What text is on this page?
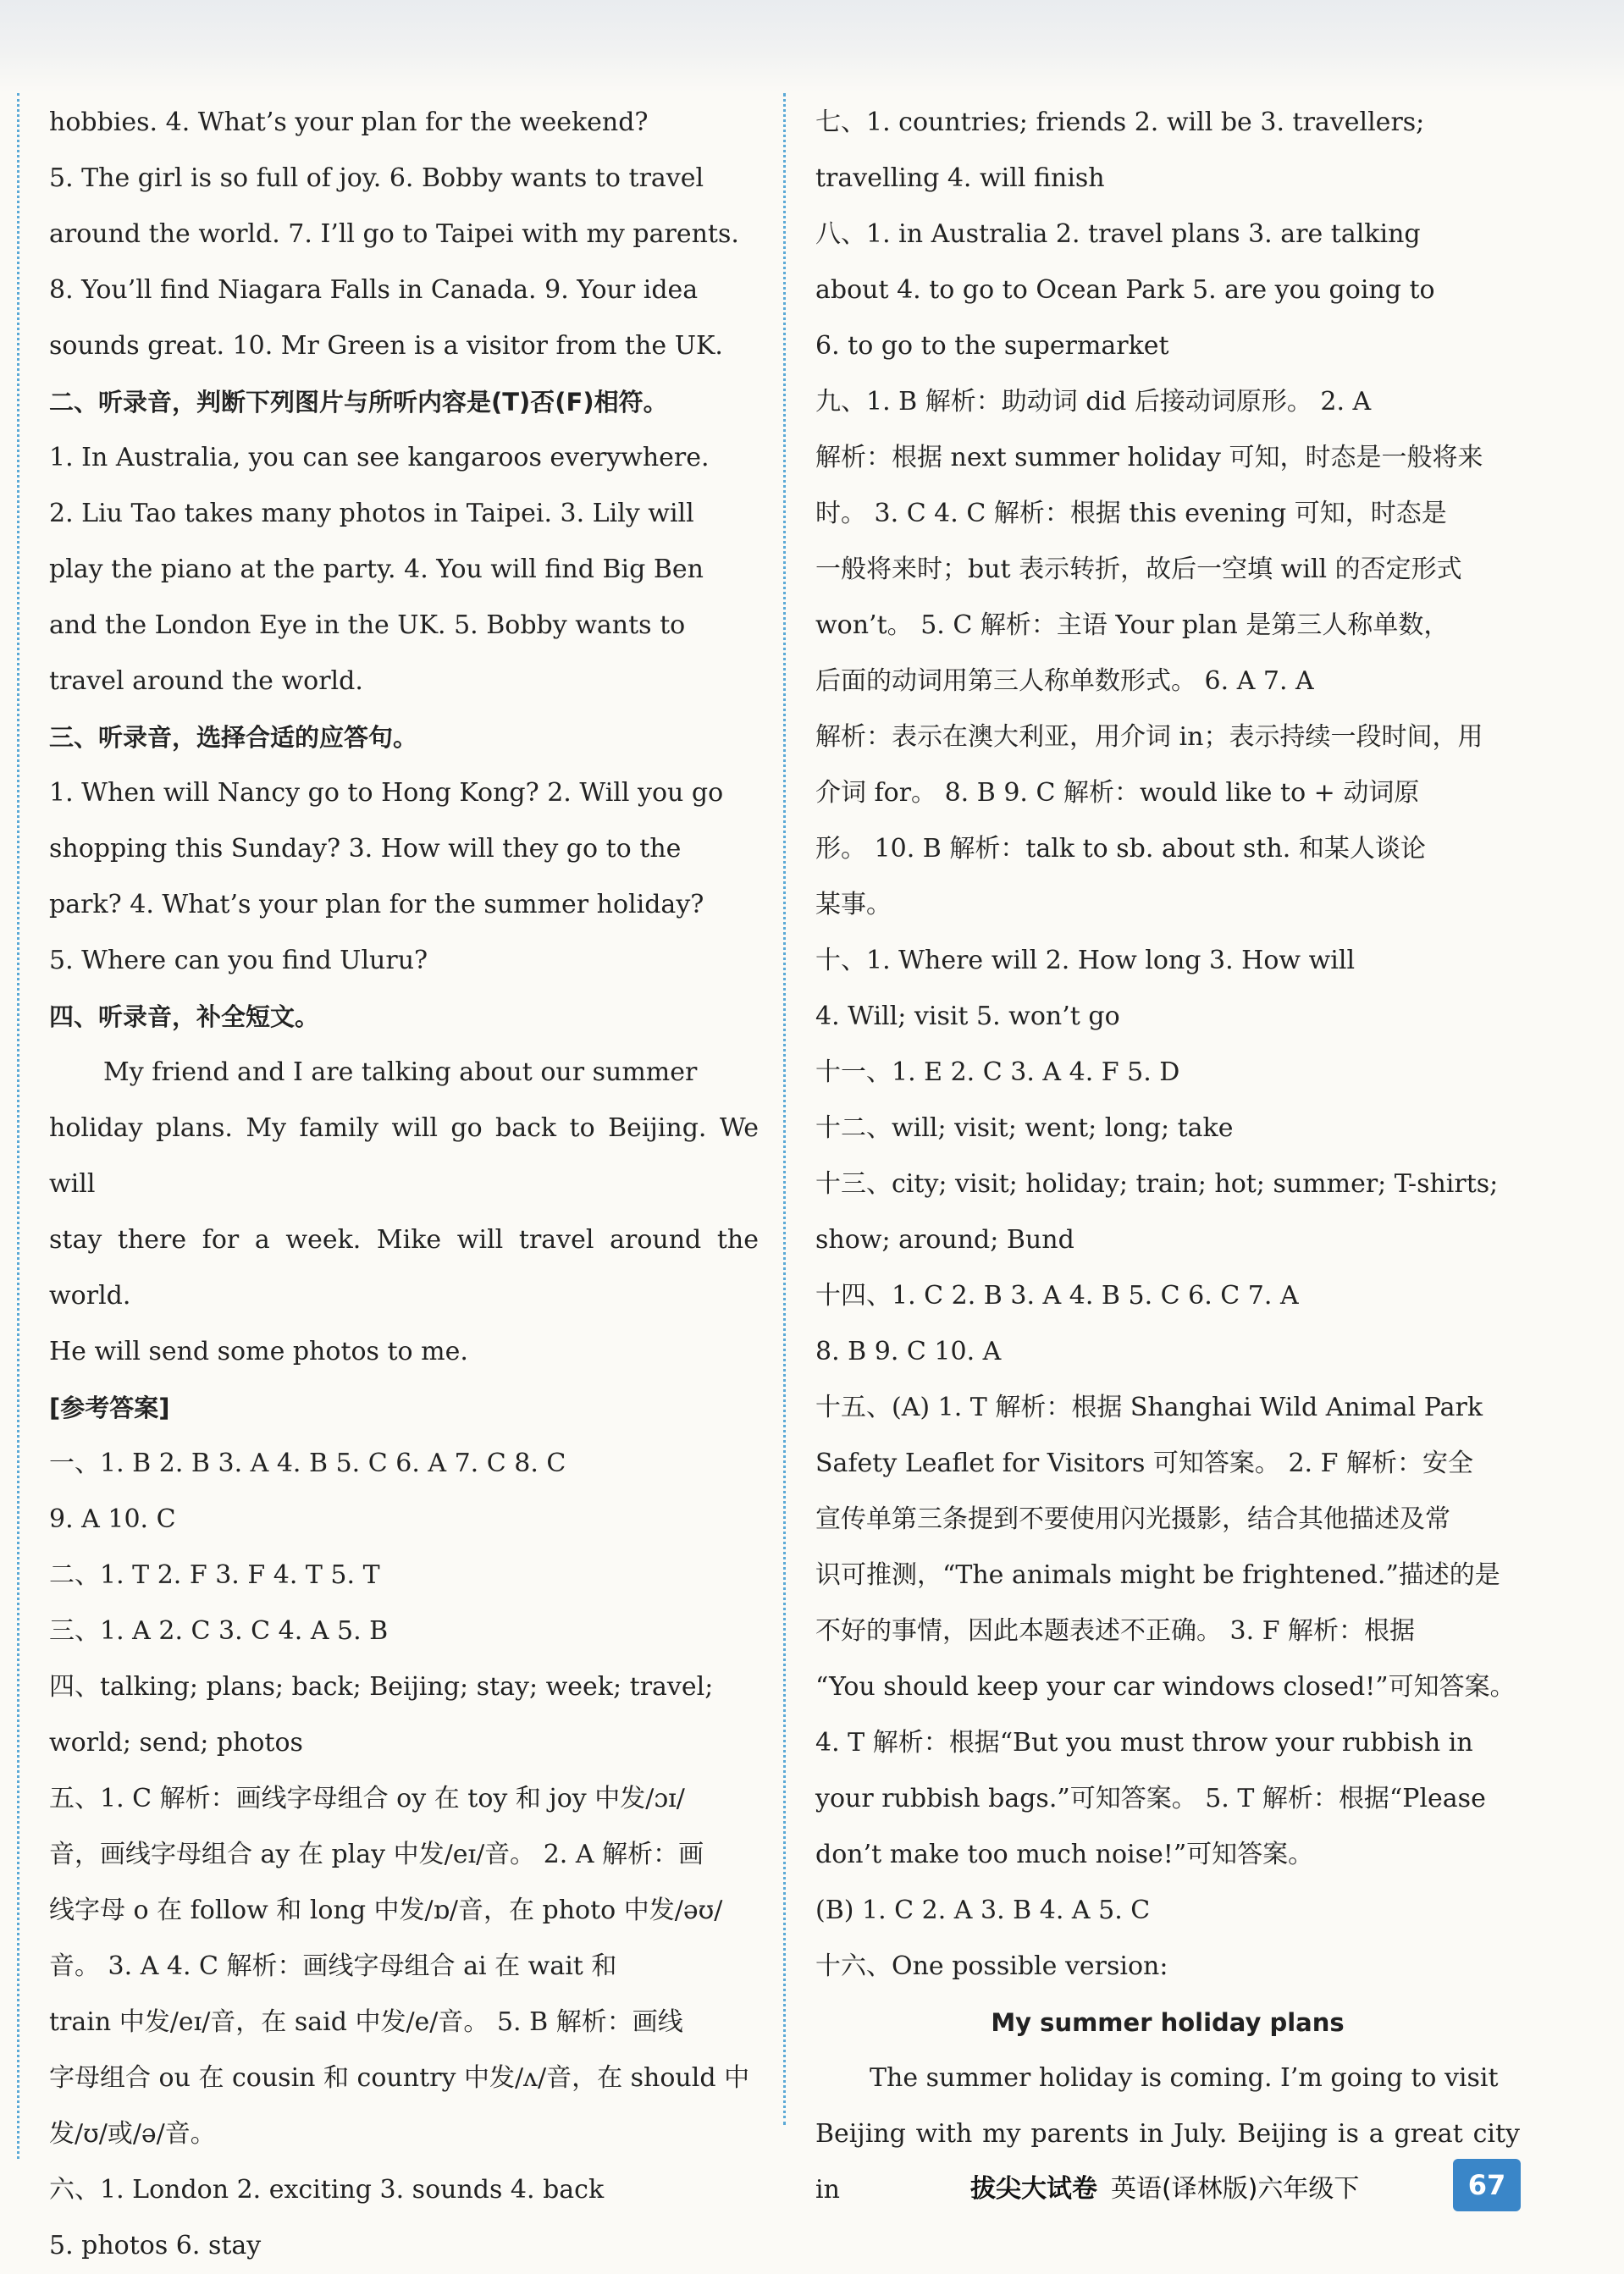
hobbies. 4. What’s your plan for the weekend?

5. The girl is so full of joy. 6. Bobby wants to travel

around the world. 7. I’ll go to Taipei with my parents.

8. You’ll find Niagara Falls in Canada. 9. Your idea

sounds great. 10. Mr Green is a visitor from the UK.

二、听录音，判断下列图片与所听内容是(T)否(F)相符。

1. In Australia, you can see kangaroos everywhere.

2. Liu Tao takes many photos in Taipei. 3. Lily will

play the piano at the party. 4. You will find Big Ben

and the London Eye in the UK. 5. Bobby wants to

travel around the world.

三、听录音，选择合适的应答句。

1. When will Nancy go to Hong Kong? 2. Will you go

shopping this Sunday? 3. How will they go to the

park? 4. What’s your plan for the summer holiday?

5. Where can you find Uluru?

四、听录音，补全短文。

My friend and I are talking about our summer

holiday plans. My family will go back to Beijing. We will

stay there for a week. Mike will travel around the world.

He will send some photos to me.

[参考答案]

一、1. B 2. B 3. A 4. B 5. C 6. A 7. C 8. C

9. A 10. C

二、1. T 2. F 3. F 4. T 5. T

三、1. A 2. C 3. C 4. A 5. B

四、talking; plans; back; Beijing; stay; week; travel;

world; send; photos

五、1. C 解析：画线字母组合 oy 在 toy 和 joy 中发/ɔɪ/

音，画线字母组合 ay 在 play 中发/eɪ/音。 2. A 解析：画

线字母 o 在 follow 和 long 中发/ɒ/音，在 photo 中发/əʊ/

音。 3. A 4. C 解析：画线字母组合 ai 在 wait 和

train 中发/eɪ/音，在 said 中发/e/音。 5. B 解析：画线

字母组合 ou 在 cousin 和 country 中发/ʌ/音，在 should 中

发/ʊ/或/ə/音。

六、1. London 2. exciting 3. sounds 4. back

5. photos 6. stay

七、1. countries; friends 2. will be 3. travellers;

travelling 4. will finish

八、1. in Australia 2. travel plans 3. are talking

about 4. to go to Ocean Park 5. are you going to

6. to go to the supermarket

九、1. B 解析：助动词 did 后接动词原形。 2. A

解析：根据 next summer holiday 可知，时态是一般将来

时。 3. C 4. C 解析：根据 this evening 可知，时态是

一般将来时；but 表示转折，故后一空填 will 的否定形式

won’t。 5. C 解析：主语 Your plan 是第三人称单数，

后面的动词用第三人称单数形式。 6. A 7. A

解析：表示在澳大利亚，用介词 in；表示持续一段时间，用

介词 for。 8. B 9. C 解析：would like to + 动词原

形。 10. B 解析：talk to sb. about sth. 和某人谈论

某事。

十、1. Where will 2. How long 3. How will

4. Will; visit 5. won’t go

十一、1. E 2. C 3. A 4. F 5. D

十二、will; visit; went; long; take

十三、city; visit; holiday; train; hot; summer; T-shirts;

show; around; Bund

十四、1. C 2. B 3. A 4. B 5. C 6. C 7. A

8. B 9. C 10. A

十五、(A) 1. T 解析：根据 Shanghai Wild Animal Park

Safety Leaflet for Visitors 可知答案。 2. F 解析：安全

宣传单第三条提到不要使用闪光摄影，结合其他描述及常

识可推测，“The animals might be frightened.”描述的是

不好的事情，因此本题表述不正确。 3. F 解析：根据

“You should keep your car windows closed!”可知答案。

4. T 解析：根据“But you must throw your rubbish in

your rubbish bags.”可知答案。 5. T 解析：根据“Please

don’t make too much noise!”可知答案。

(B) 1. C 2. A 3. B 4. A 5. C

十六、One possible version:

My summer holiday plans

The summer holiday is coming. I’m going to visit

Beijing with my parents in July. Beijing is a great city in	拔尖大试卷 英语(译林版)六年级下	67
